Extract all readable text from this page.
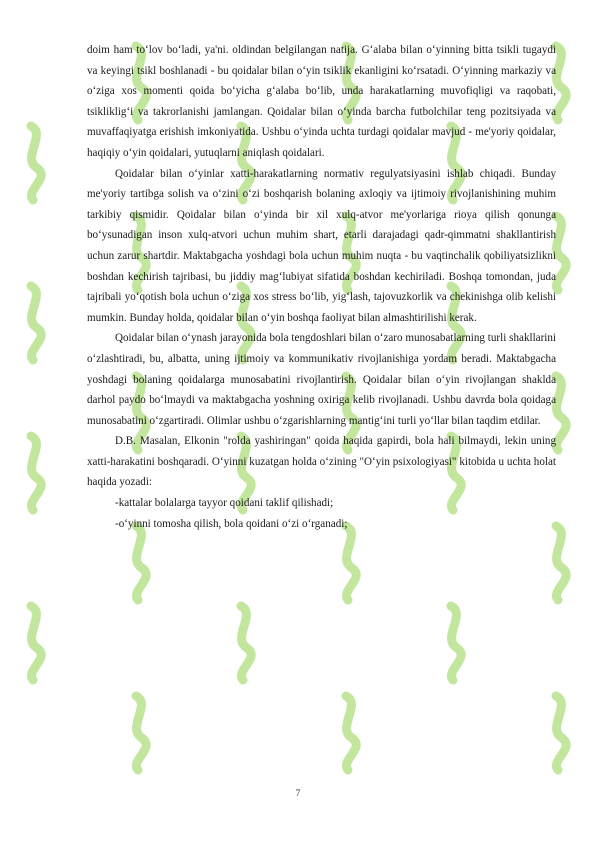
doim ham to‘lov bo‘ladi, ya'ni. oldindan belgilangan natija. G‘alaba bilan o‘yinning bitta tsikli tugaydi va keyingi tsikl boshlanadi - bu qoidalar bilan o‘yin tsiklik ekanligini ko‘rsatadi. O‘yinning markaziy va o‘ziga xos momenti qoida bo‘yicha g‘alaba bo‘lib, unda harakatlarning muvofiqligi va raqobati, tsikliklig‘i va takrorlanishi jamlangan. Qoidalar bilan o‘yinda barcha futbolchilar teng pozitsiyada va muvaffaqiyatga erishish imkoniyatida. Ushbu o‘yinda uchta turdagi qoidalar mavjud - me'yoriy qoidalar, haqiqiy o‘yin qoidalari, yutuqlarni aniqlash qoidalari.

Qoidalar bilan o‘yinlar xatti-harakatlarning normativ regulyatsiyasini ishlab chiqadi. Bunday me'yoriy tartibga solish va o‘zini o‘zi boshqarish bolaning axloqiy va ijtimoiy rivojlanishining muhim tarkibiy qismidir. Qoidalar bilan o‘yinda bir xil xulq-atvor me'yorlariga rioya qilish qonunga bo‘ysunadigan inson xulq-atvori uchun muhim shart, etarli darajadagi qadr-qimmatni shakllantirish uchun zarur shartdir. Maktabgacha yoshdagi bola uchun muhim nuqta - bu vaqtinchalik qobiliyatsizlikni boshdan kechirish tajribasi, bu jiddiy mag‘lubiyat sifatida boshdan kechiriladi. Boshqa tomondan, juda tajribali yo‘qotish bola uchun o‘ziga xos stress bo‘lib, yig‘lash, tajovuzkorlik va chekinishga olib kelishi mumkin. Bunday holda, qoidalar bilan o‘yin boshqa faoliyat bilan almashtirilishi kerak.

Qoidalar bilan o‘ynash jarayonida bola tengdoshlari bilan o‘zaro munosabatlarning turli shakllarini o‘zlashtiradi, bu, albatta, uning ijtimoiy va kommunikativ rivojlanishiga yordam beradi. Maktabgacha yoshdagi bolaning qoidalarga munosabatini rivojlantirish. Qoidalar bilan o‘yin rivojlangan shaklda darhol paydo bo‘lmaydi va maktabgacha yoshning oxiriga kelib rivojlanadi. Ushbu davrda bola qoidaga munosabatini o‘zgartiradi. Olimlar ushbu o‘zgarishlarning mantig‘ini turli yo‘llar bilan taqdim etdilar.

D.B. Masalan, Elkonin "rolda yashiringan" qoida haqida gapirdi, bola hali bilmaydi, lekin uning xatti-harakatini boshqaradi. O‘yinni kuzatgan holda o‘zining "O‘yin psixologiyasi" kitobida u uchta holat haqida yozadi:

-kattalar bolalarga tayyor qoidani taklif qilishadi;

-o‘yinni tomosha qilish, bola qoidani o‘zi o‘rganadi;

7
